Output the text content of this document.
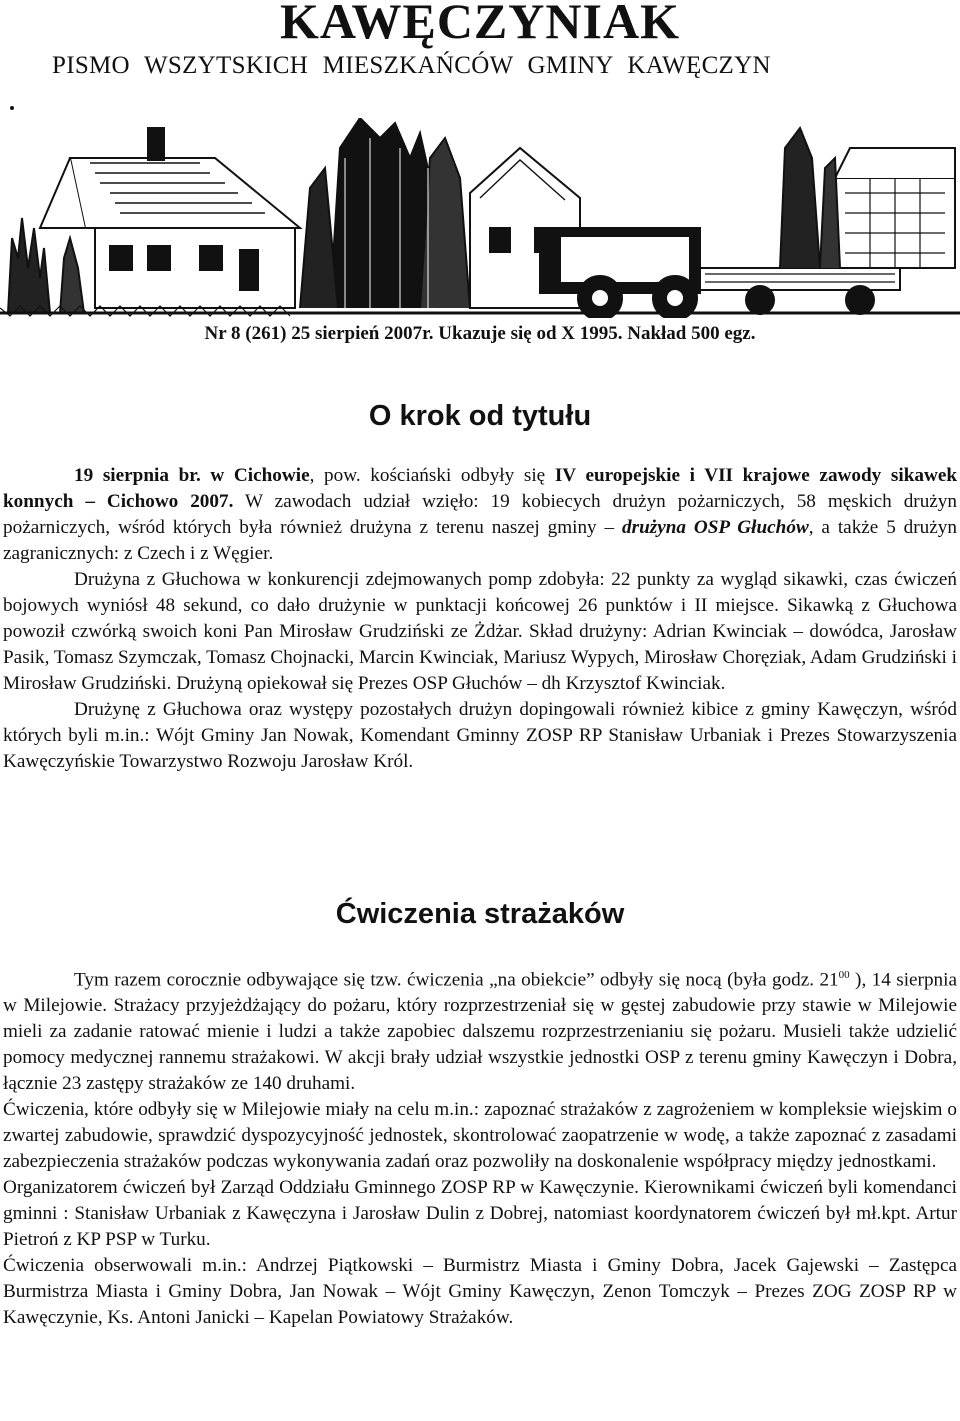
KAWĘCZYNIAK

PISMO WSZYTSKICH MIESZKAŃCÓW GMINY KAWĘCZYN

Nr 8 (261) 25 sierpień 2007r. Ukazuje się od X 1995. Nakład 500 egz.

O krok od tytułu

19 sierpnia br. w Cichowie, pow. kościański odbyły się IV europejskie i VII krajowe zawody sikawek konnych – Cichowo 2007. W zawodach udział wzięło: 19 kobiecych drużyn pożarniczych, 58 męskich drużyn pożarniczych, wśród których była również drużyna z terenu naszej gminy – drużyna OSP Głuchów, a także 5 drużyn zagranicznych: z Czech i z Węgier.

Drużyna z Głuchowa w konkurencji zdejmowanych pomp zdobyła: 22 punkty za wygląd sikawki, czas ćwiczeń bojowych wyniósł 48 sekund, co dało drużynie w punktacji końcowej 26 punktów i II miejsce. Sikawką z Głuchowa powoził czwórką swoich koni Pan Mirosław Grudziński ze Żdżar. Skład drużyny: Adrian Kwinciak – dowódca, Jarosław Pasik, Tomasz Szymczak, Tomasz Chojnacki, Marcin Kwinciak, Mariusz Wypych, Mirosław Choręziak, Adam Grudziński i Mirosław Grudziński. Drużyną opiekował się Prezes OSP Głuchów – dh Krzysztof Kwinciak.

Drużynę z Głuchowa oraz występy pozostałych drużyn dopingowali również kibice z gminy Kawęczyn, wśród których byli m.in.: Wójt Gminy Jan Nowak, Komendant Gminny ZOSP RP Stanisław Urbaniak i Prezes Stowarzyszenia Kawęczyńskie Towarzystwo Rozwoju Jarosław Król.

Ćwiczenia strażaków

Tym razem corocznie odbywające się tzw. ćwiczenia „na obiekcie” odbyły się nocą (była godz. $21^{00}$ ), 14 sierpnia w Milejowie. Strażacy przyjeżdżający do pożaru, który rozprzestrzeniał się w gęstej zabudowie przy stawie w Milejowie mieli za zadanie ratować mienie i ludzi a także zapobiec dalszemu rozprzestrzenianiu się pożaru. Musieli także udzielić pomocy medycznej rannemu strażakowi. W akcji brały udział wszystkie jednostki OSP z terenu gminy Kawęczyn i Dobra, łącznie 23 zastępy strażaków ze 140 druhami.

Ćwiczenia, które odbyły się w Milejowie miały na celu m.in.: zapoznać strażaków z zagrożeniem w kompleksie wiejskim o zwartej zabudowie, sprawdzić dyspozycyjność jednostek, skontrolować zaopatrzenie w wodę, a także zapoznać z zasadami zabezpieczenia strażaków podczas wykonywania zadań oraz pozwoliły na doskonalenie współpracy między jednostkami.

Organizatorem ćwiczeń był Zarząd Oddziału Gminnego ZOSP RP w Kawęczynie. Kierownikami ćwiczeń byli komendanci gminni : Stanisław Urbaniak z Kawęczyna i Jarosław Dulin z Dobrej, natomiast koordynatorem ćwiczeń był mł.kpt. Artur Pietroń z KP PSP w Turku.

Ćwiczenia obserwowali m.in.: Andrzej Piątkowski – Burmistrz Miasta i Gminy Dobra, Jacek Gajewski – Zastępca Burmistrza Miasta i Gminy Dobra, Jan Nowak – Wójt Gminy Kawęczyn, Zenon Tomczyk – Prezes ZOG ZOSP RP w Kawęczynie, Ks. Antoni Janicki – Kapelan Powiatowy Strażaków.
